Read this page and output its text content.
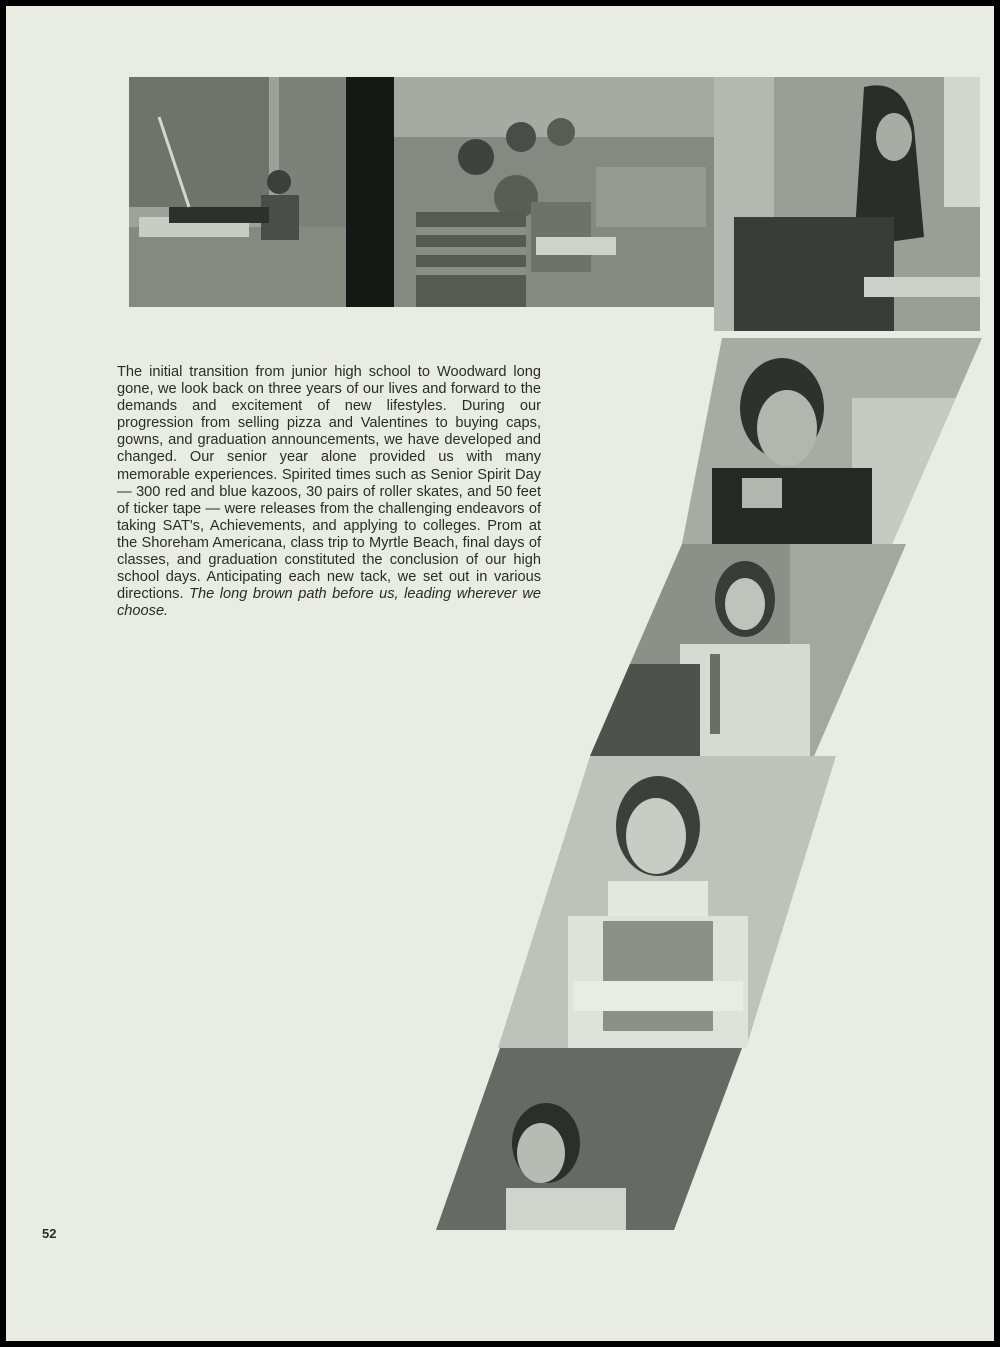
The initial transition from junior high school to Woodward long gone, we look back on three years of our lives and forward to the demands and excitement of new lifestyles. During our progression from selling pizza and Valentines to buying caps, gowns, and graduation announcements, we have developed and changed. Our senior year alone provided us with many memorable experiences. Spirited times such as Senior Spirit Day — 300 red and blue kazoos, 30 pairs of roller skates, and 50 feet of ticker tape — were releases from the challenging endeavors of taking SAT's, Achievements, and applying to colleges. Prom at the Shoreham Americana, class trip to Myrtle Beach, final days of classes, and graduation constituted the conclusion of our high school days. Anticipating each new tack, we set out in various directions. The long brown path before us, leading wherever we choose.

52
